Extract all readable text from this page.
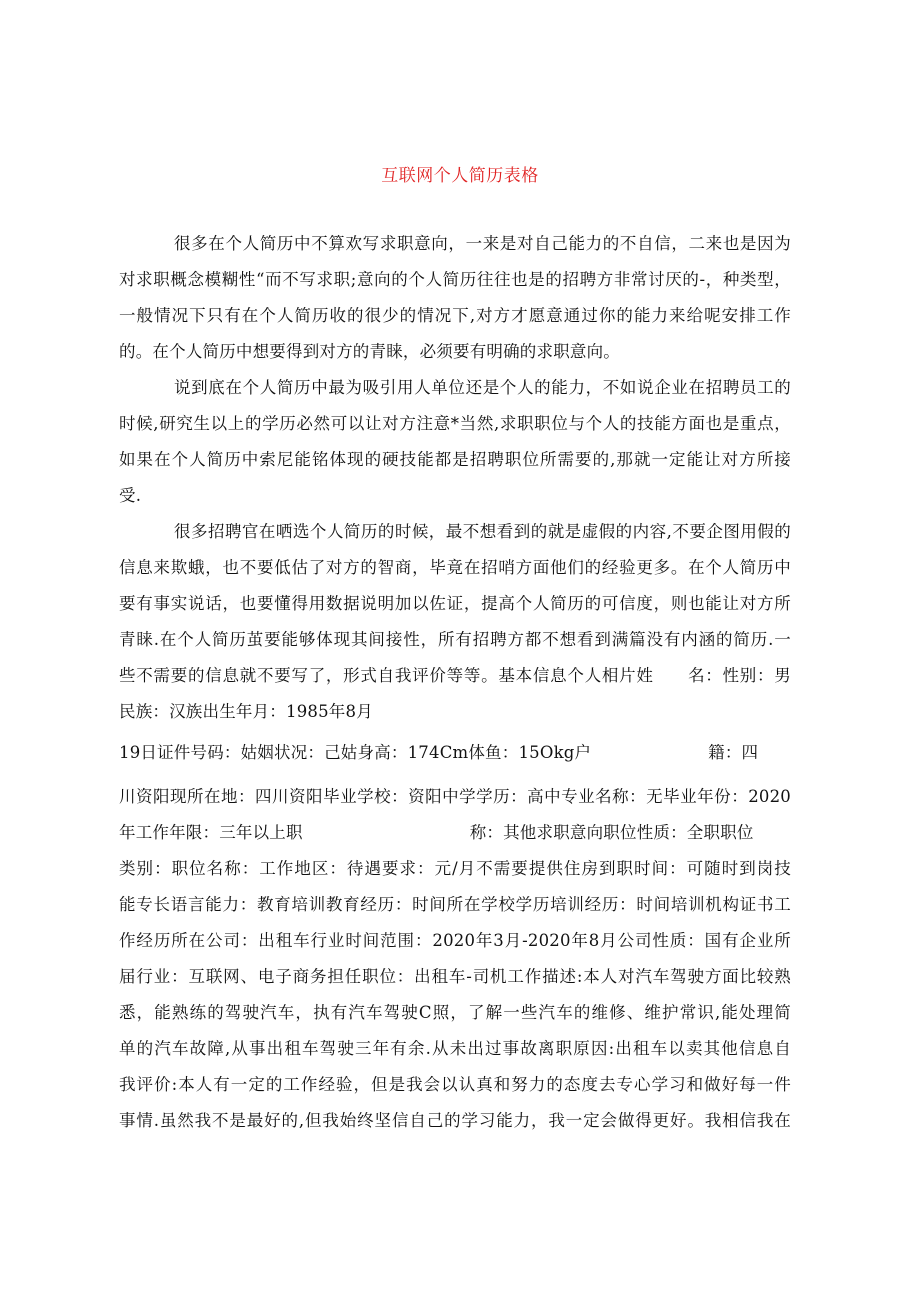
互联网个人简历表格
很多在个人简历中不算欢写求职意向，一来是对自己能力的不自信，二来也是因为
对求职概念模糊性“而不写求职;意向的个人简历往往也是的招聘方非常讨厌的-，种类型，
一般情况下只有在个人简历收的很少的情况下,对方才愿意通过你的能力来给呢安排工作
的。在个人简历中想要得到对方的青睐，必须要有明确的求职意向。
说到底在个人简历中最为吸引用人单位还是个人的能力，不如说企业在招聘员工的
时候,研究生以上的学历必然可以让对方注意*当然,求职职位与个人的技能方面也是重点，
如果在个人简历中索尼能铭体现的硬技能都是招聘职位所需要的,那就一定能让对方所接
受.
很多招聘官在哂选个人简历的时候，最不想看到的就是虚假的内容,不要企图用假的
信息来欺蛾，也不要低估了对方的智商，毕竟在招哨方面他们的经验更多。在个人简历中
要有事实说话，也要懂得用数据说明加以佐证，提高个人简历的可信度，则也能让对方所
青睐.在个人简历茧要能够体现其间接性，所有招聘方都不想看到满篇没有内涵的简历.一
些不需要的信息就不要写了，形式自我评价等等。基本信息个人相片姓　　名：性别：男
民族：汉族出生年月：1985年8月
19日证件号码：姑姻状况：己姑身高：174Cm体鱼：15Okg户　　　　　　　籍：四
川资阳现所在地：四川资阳毕业学校：资阳中学学历：高中专业名称：无毕业年份：2020
年工作年限：三年以上职　　　　　　　　　　称：其他求职意向职位性质：全职职位
类别：职位名称：工作地区：待遇要求：元/月不需要提供住房到职时间：可随时到岗技
能专长语言能力：教育培训教育经历：时间所在学校学历培训经历：时间培训机构证书工
作经历所在公司：出租车行业时间范围：2020年3月-2020年8月公司性质：国有企业所
届行业：互联网、电子商务担任职位：出租车-司机工作描述:本人对汽车驾驶方面比较熟
悉，能熟练的驾驶汽车，执有汽车驾驶C照，了解一些汽车的维修、维护常识,能处理简
单的汽车故障,从事出租车驾驶三年有余.从未出过事故离职原因:出租车以卖其他信息自
我评价:本人有一定的工作经验，但是我会以认真和努力的态度去专心学习和做好每一件
事情.虽然我不是最好的,但我始终坚信自己的学习能力，我一定会做得更好。我相信我在
